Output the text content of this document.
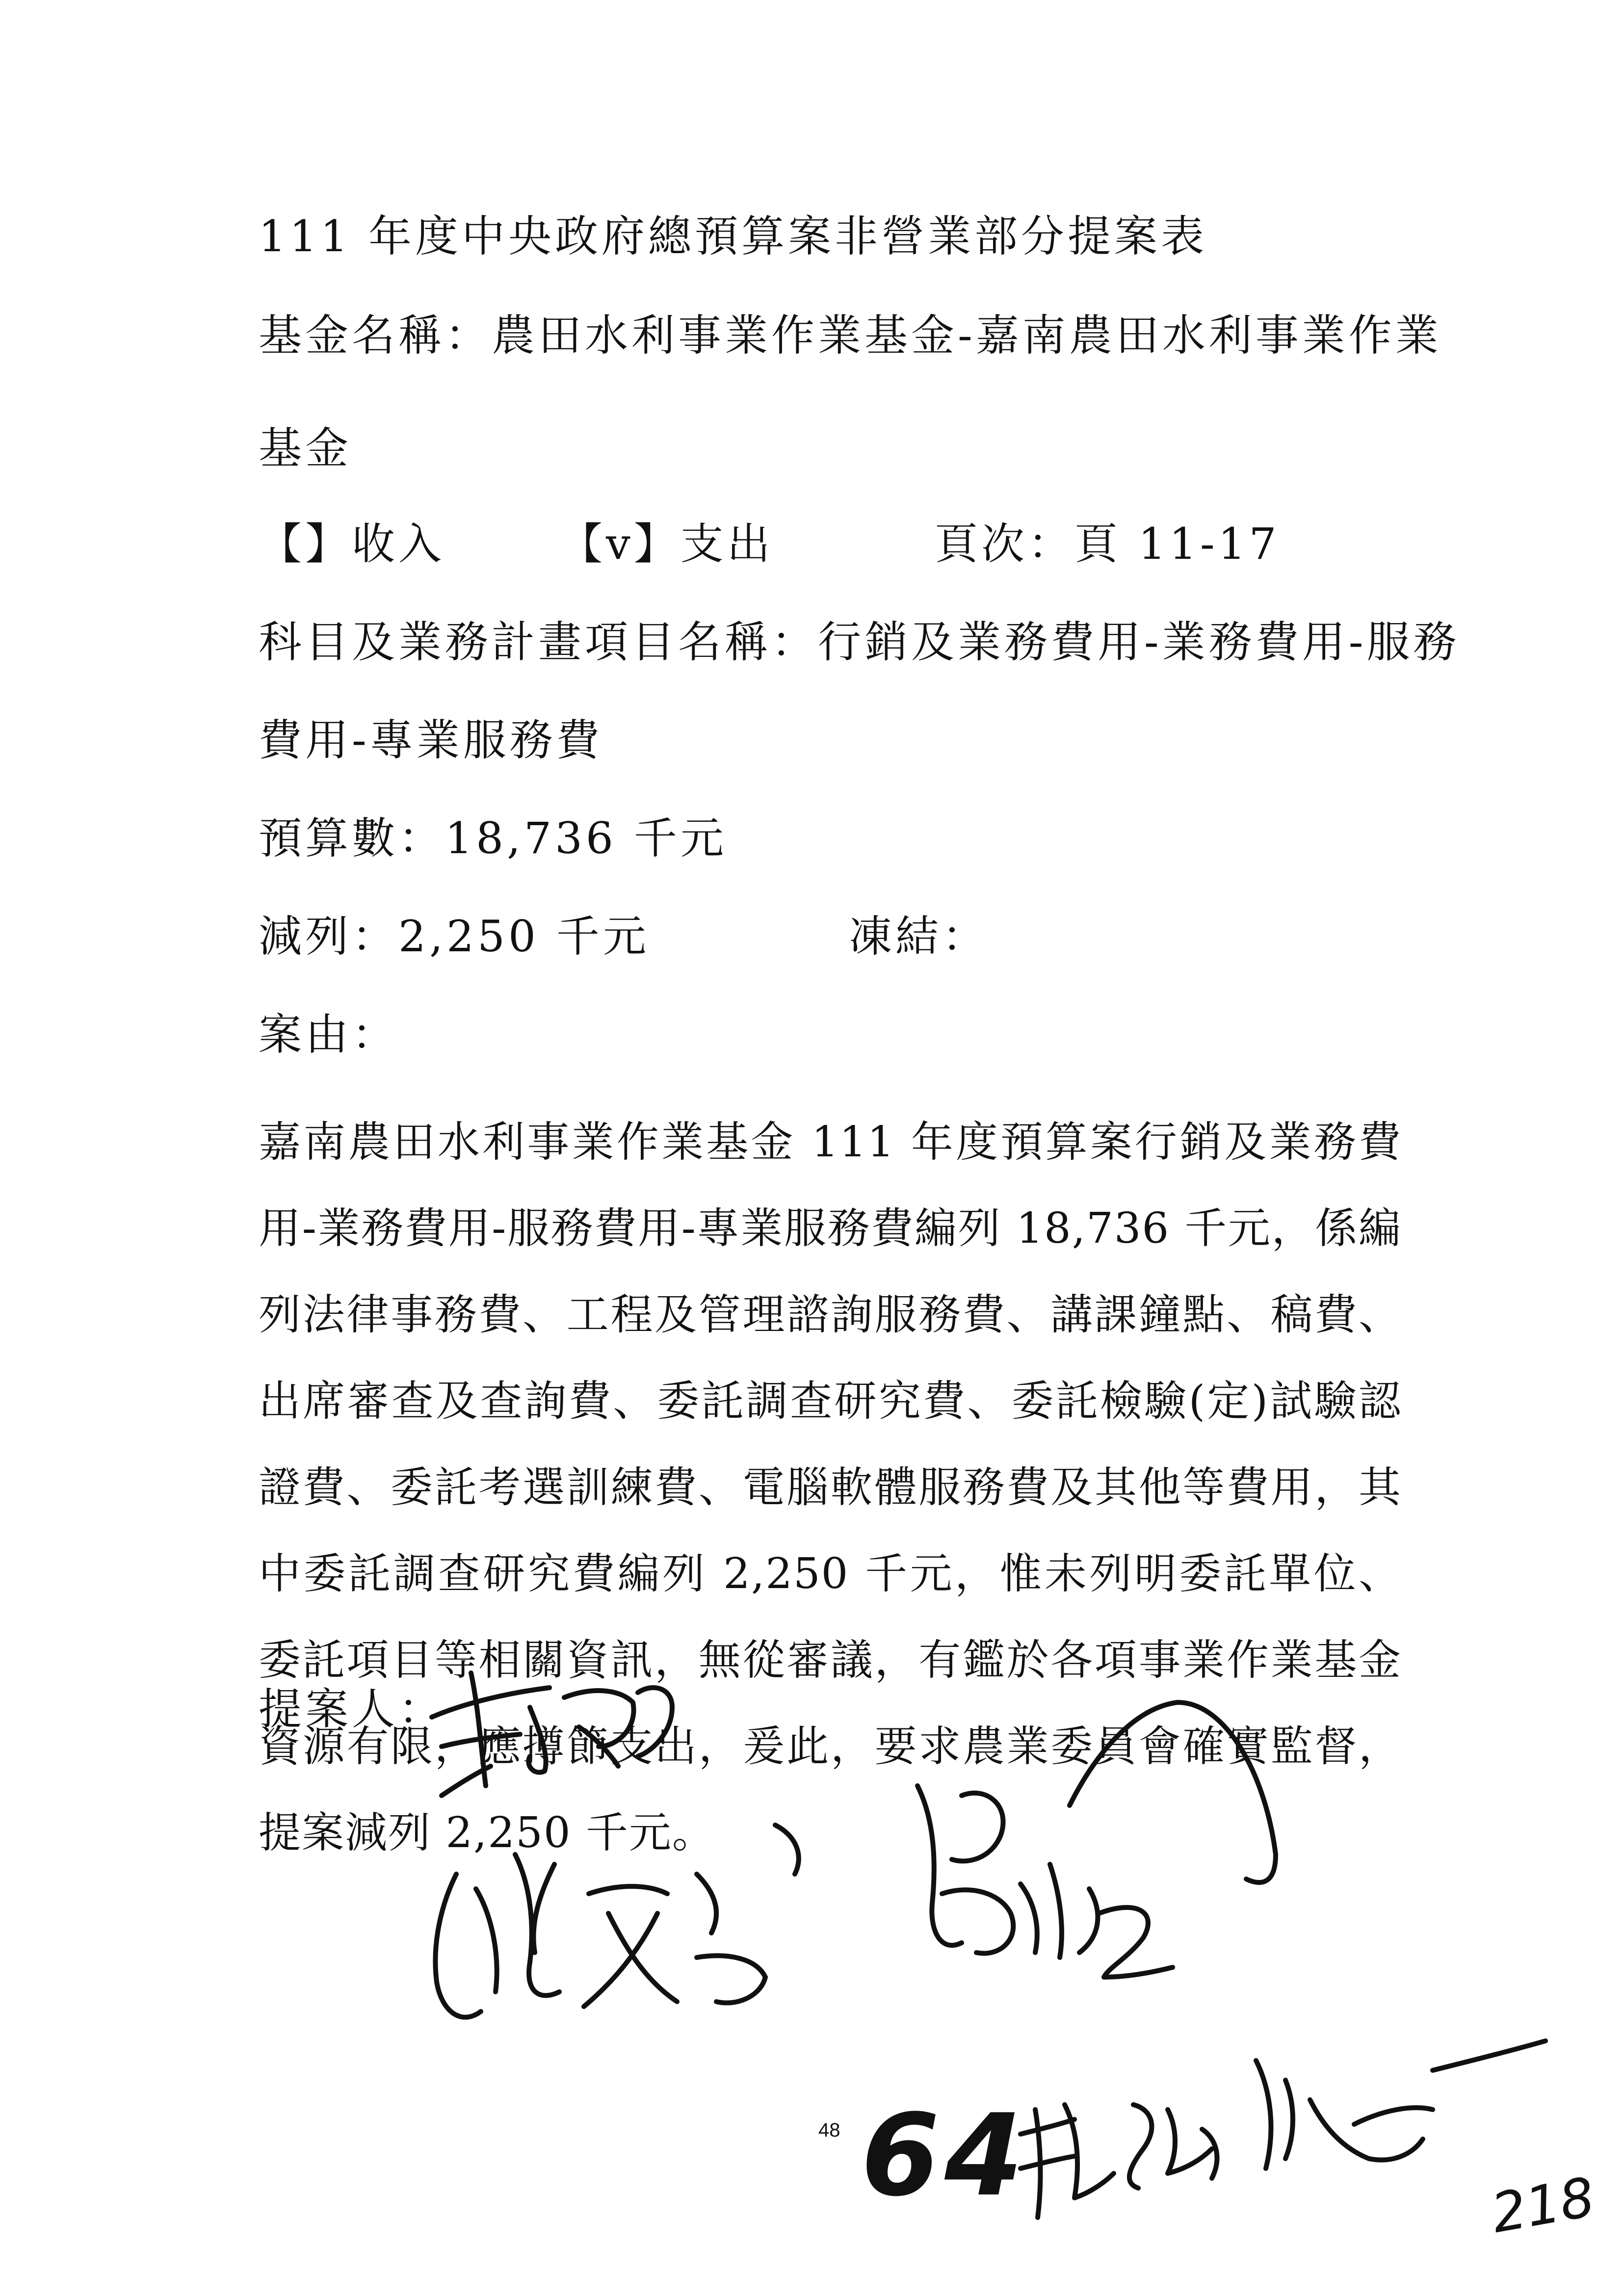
111 年度中央政府總預算案非營業部分提案表
基金名稱：農田水利事業作業基金-嘉南農田水利事業作業
基金
【】收入	【v】支出	頁次：頁 11-17
科目及業務計畫項目名稱：行銷及業務費用-業務費用-服務
費用-專業服務費
預算數：18,736 千元
減列：2,250 千元	凍結：
案由：
嘉南農田水利事業作業基金 111 年度預算案行銷及業務費用-業務費用-服務費用-專業服務費編列 18,736 千元，係編列法律事務費、工程及管理諮詢服務費、講課鐘點、稿費、出席審查及查詢費、委託調查研究費、委託檢驗(定)試驗認證費、委託考選訓練費、電腦軟體服務費及其他等費用，其中委託調查研究費編列 2,250 千元，惟未列明委託單位、委託項目等相關資訊，無從審議，有鑑於各項事業作業基金資源有限，應撙節支出，爰此，要求農業委員會確實監督，提案減列 2,250 千元。
提案人：
48 64	218
